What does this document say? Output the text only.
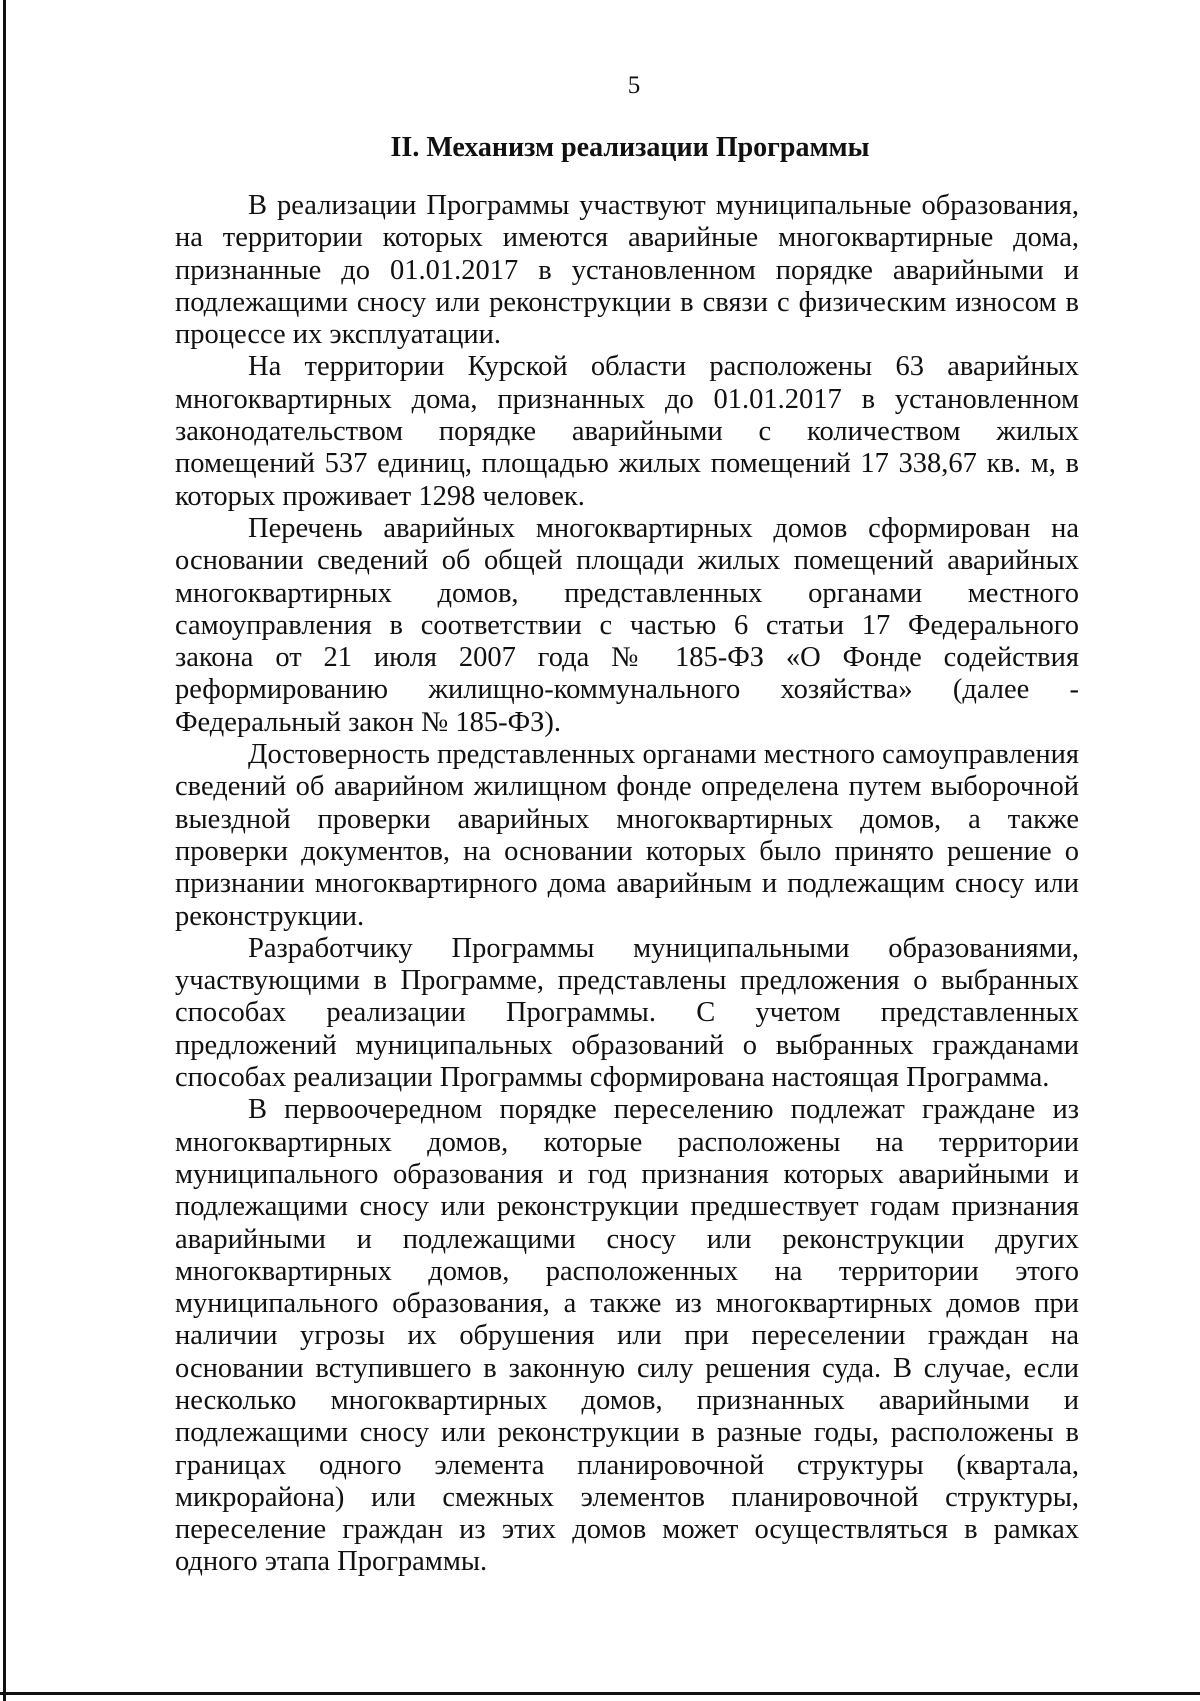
5
II. Механизм реализации Программы

В реализации Программы участвуют муниципальные образования, на территории которых имеются аварийные многоквартирные дома, признанные до 01.01.2017 в установленном порядке аварийными и подлежащими сносу или реконструкции в связи с физическим износом в процессе их эксплуатации.

На территории Курской области расположены 63 аварийных многоквартирных дома, признанных до 01.01.2017 в установленном законодательством порядке аварийными с количеством жилых помещений 537 единиц, площадью жилых помещений 17 338,67 кв. м, в которых проживает 1298 человек.

Перечень аварийных многоквартирных домов сформирован на основании сведений об общей площади жилых помещений аварийных многоквартирных домов, представленных органами местного самоуправления в соответствии с частью 6 статьи 17 Федерального закона от 21 июля 2007 года № 185-ФЗ «О Фонде содействия реформированию жилищно-коммунального хозяйства» (далее - Федеральный закон № 185-ФЗ).

Достоверность представленных органами местного самоуправления сведений об аварийном жилищном фонде определена путем выборочной выездной проверки аварийных многоквартирных домов, а также проверки документов, на основании которых было принято решение о признании многоквартирного дома аварийным и подлежащим сносу или реконструкции.

Разработчику Программы муниципальными образованиями, участвующими в Программе, представлены предложения о выбранных способах реализации Программы. С учетом представленных предложений муниципальных образований о выбранных гражданами способах реализации Программы сформирована настоящая Программа.

В первоочередном порядке переселению подлежат граждане из многоквартирных домов, которые расположены на территории муниципального образования и год признания которых аварийными и подлежащими сносу или реконструкции предшествует годам признания аварийными и подлежащими сносу или реконструкции других многоквартирных домов, расположенных на территории этого муниципального образования, а также из многоквартирных домов при наличии угрозы их обрушения или при переселении граждан на основании вступившего в законную силу решения суда. В случае, если несколько многоквартирных домов, признанных аварийными и подлежащими сносу или реконструкции в разные годы, расположены в границах одного элемента планировочной структуры (квартала, микрорайона) или смежных элементов планировочной структуры, переселение граждан из этих домов может осуществляться в рамках одного этапа Программы.
